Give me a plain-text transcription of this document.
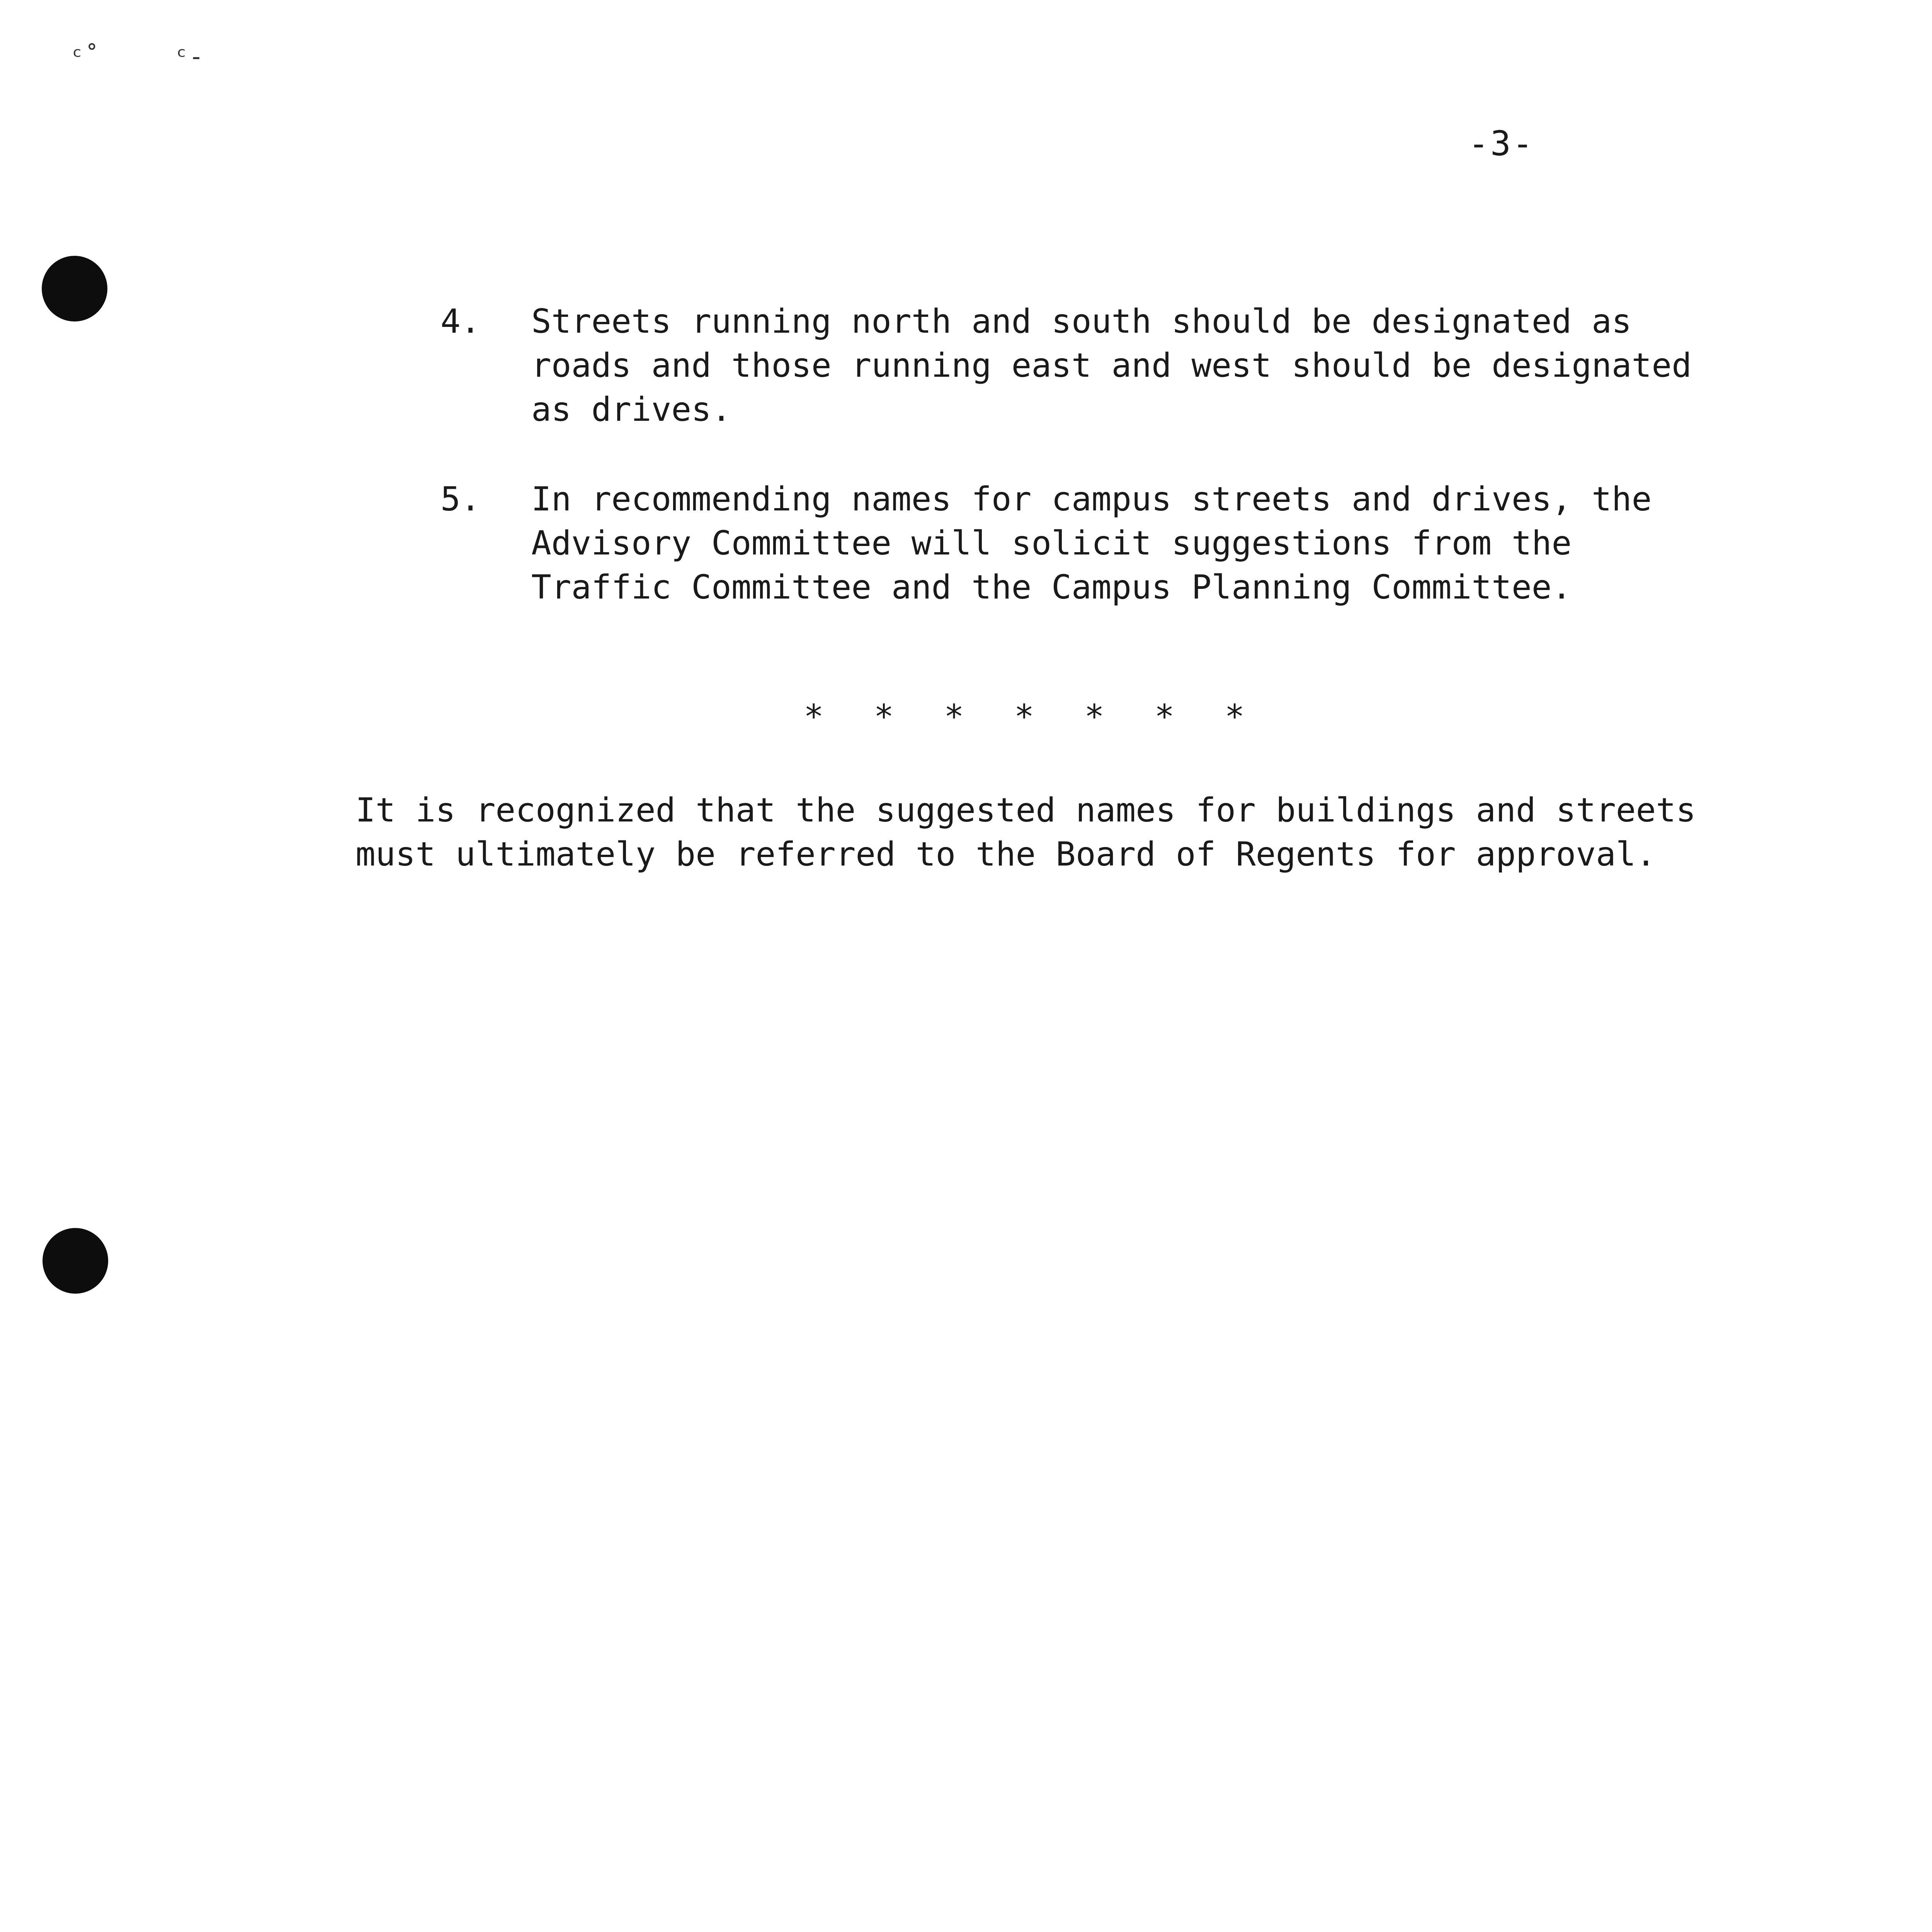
ᶜ˚	ᶜ-
-3-
4.	Streets running north and south should be designated as roads and those running east and west should be designated as drives.
5.	In recommending names for campus streets and drives, the Advisory Committee will solicit suggestions from the Traffic Committee and the Campus Planning Committee.
* * * * * * *
It is recognized that the suggested names for buildings and streets must ultimately be referred to the Board of Regents for approval.
